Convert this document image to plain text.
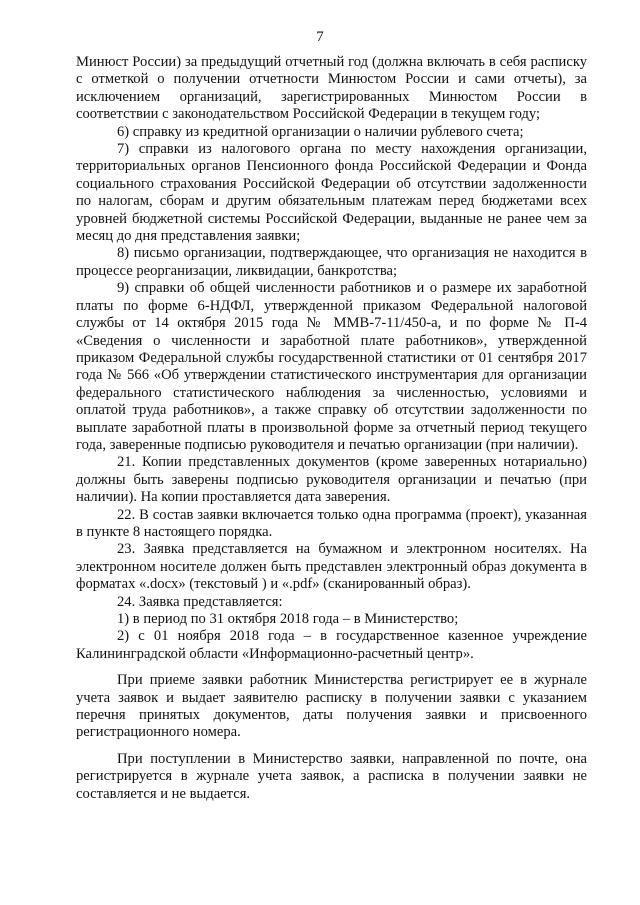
7

Минюст России) за предыдущий отчетный год (должна включать в себя расписку с отметкой о получении отчетности Минюстом России и сами отчеты), за исключением организаций, зарегистрированных Минюстом России в соответствии с законодательством Российской Федерации в текущем году;

6) справку из кредитной организации о наличии рублевого счета;

7) справки из налогового органа по месту нахождения организации, территориальных органов Пенсионного фонда Российской Федерации и Фонда социального страхования Российской Федерации об отсутствии задолженности по налогам, сборам и другим обязательным платежам перед бюджетами всех уровней бюджетной системы Российской Федерации, выданные не ранее чем за месяц до дня представления заявки;

8) письмо организации, подтверждающее, что организация не находится в процессе реорганизации, ликвидации, банкротства;

9) справки об общей численности работников и о размере их заработной платы по форме 6-НДФЛ, утвержденной приказом Федеральной налоговой службы от 14 октября 2015 года № ММВ-7-11/450-а, и по форме № П-4 «Сведения о численности и заработной плате работников», утвержденной приказом Федеральной службы государственной статистики от 01 сентября 2017 года № 566 «Об утверждении статистического инструментария для организации федерального статистического наблюдения за численностью, условиями и оплатой труда работников», а также справку об отсутствии задолженности по выплате заработной платы в произвольной форме за отчетный период текущего года, заверенные подписью руководителя и печатью организации (при наличии).

21. Копии представленных документов (кроме заверенных нотариально) должны быть заверены подписью руководителя организации и печатью (при наличии). На копии проставляется дата заверения.

22. В состав заявки включается только одна программа (проект), указанная в пункте 8 настоящего порядка.

23. Заявка представляется на бумажном и электронном носителях. На электронном носителе должен быть представлен электронный образ документа в форматах «.docx» (текстовый ) и «.pdf» (сканированный образ).

24. Заявка представляется:

1) в период по 31 октября 2018 года – в Министерство;

2) с 01 ноября 2018 года – в государственное казенное учреждение Калининградской области «Информационно-расчетный центр».

При приеме заявки работник Министерства регистрирует ее в журнале учета заявок и выдает заявителю расписку в получении заявки с указанием перечня принятых документов, даты получения заявки и присвоенного регистрационного номера.

При поступлении в Министерство заявки, направленной по почте, она регистрируется в журнале учета заявок, а расписка в получении заявки не составляется и не выдается.
